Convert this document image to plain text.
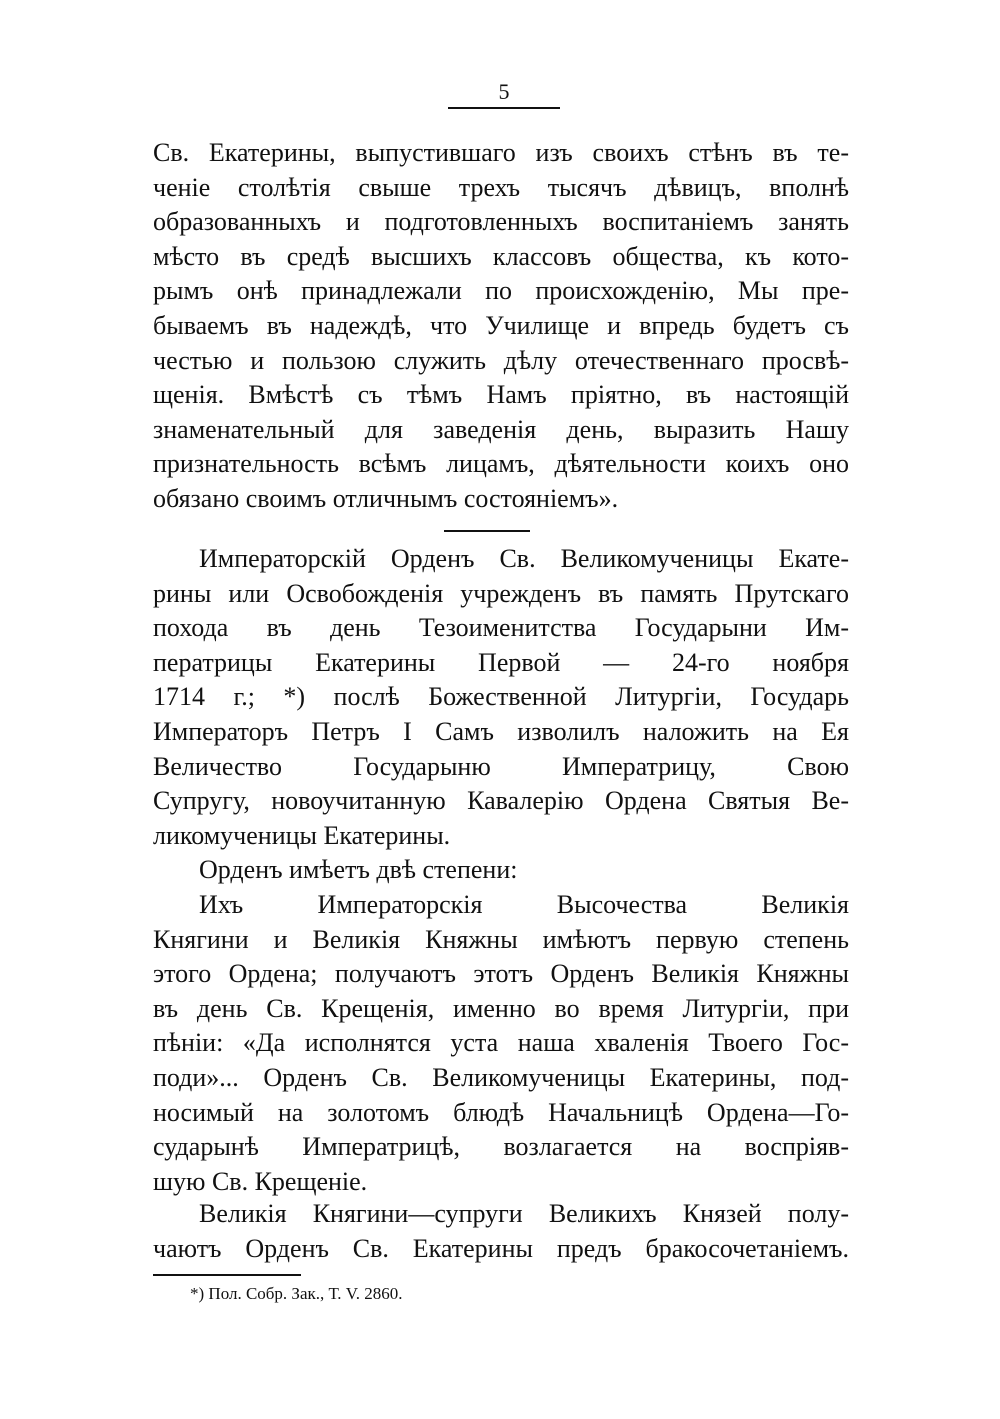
5
Св. Екатерины, выпустившаго изъ своихъ стѣнъ въ те-
ченіе столѣтія свыше трехъ тысячъ дѣвицъ, вполнѣ
образованныхъ и подготовленныхъ воспитаніемъ занять
мѣсто въ средѣ высшихъ классовъ общества, къ кото-
рымъ онѣ принадлежали по происхожденію, Мы пре-
бываемъ въ надеждѣ, что Училище и впредь будетъ съ
честью и пользою служить дѣлу отечественнаго просвѣ-
щенія. Вмѣстѣ съ тѣмъ Намъ пріятно, въ настоящій
знаменательный для заведенія день, выразить Нашу
признательность всѣмъ лицамъ, дѣятельности коихъ оно
обязано своимъ отличнымъ состояніемъ».
Императорскій Орденъ Св. Великомученицы Екате-
рины или Освобожденія учрежденъ въ память Прутскаго
похода въ день Тезоименитства Государыни Им-
ператрицы Екатерины Первой — 24-го ноября
1714 г.; *) послѣ Божественной Литургіи, Государь
Императоръ Петръ I Самъ изволилъ наложить на Ея
Величество Государыню Императрицу, Свою
Супругу, новоучитанную Кавалерію Ордена Святыя Ве-
ликомученицы Екатерины.
Орденъ имѣетъ двѣ степени:
Ихъ Императорскія Высочества Великія
Княгини и Великія Княжны имѣютъ первую степень
этого Ордена; получаютъ этотъ Орденъ Великія Княжны
въ день Св. Крещенія, именно во время Литургіи, при
пѣніи: «Да исполнятся уста наша хваленія Твоего Гос-
поди»... Орденъ Св. Великомученицы Екатерины, под-
носимый на золотомъ блюдѣ Начальницѣ Ордена—Го-
сударынѣ Императрицѣ, возлагается на воспріяв-
шую Св. Крещеніе.
Великія Княгини—супруги Великихъ Князей полу-
чаютъ Орденъ Св. Екатерины предъ бракосочетаніемъ.
*) Пол. Собр. Зак., Т. V. 2860.
